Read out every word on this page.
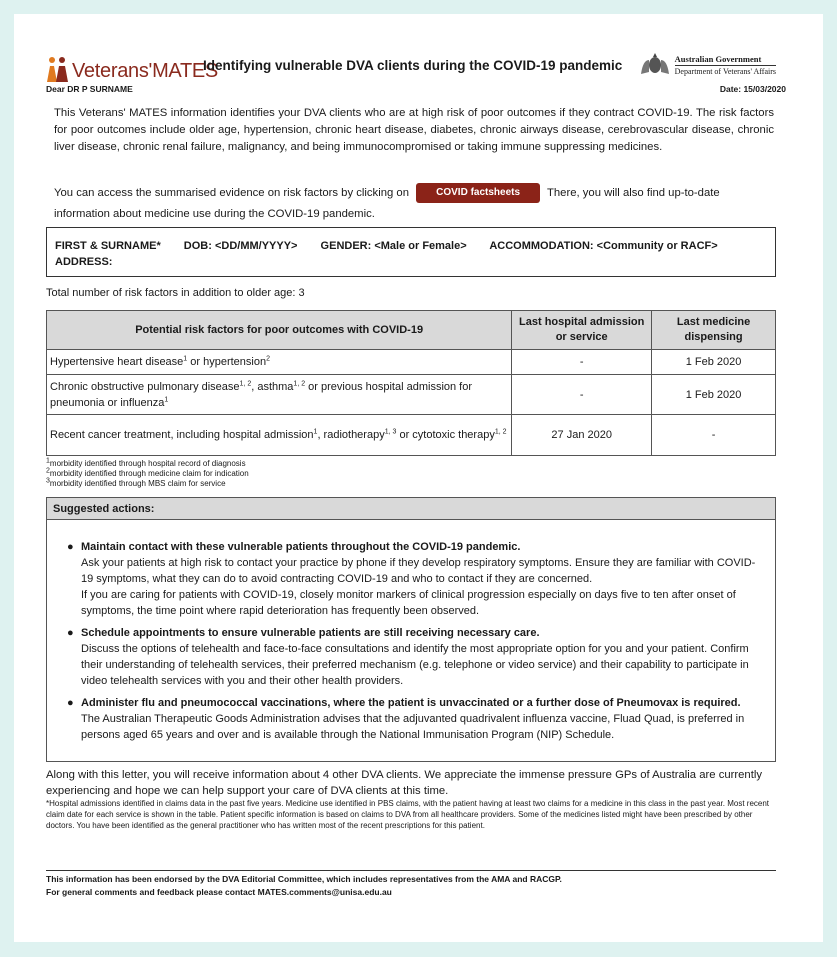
Veterans'MATES
Identifying vulnerable DVA clients during the COVID-19 pandemic	Australian Government
Department of Veterans' Affairs
Dear DR P SURNAME	Date: 15/03/2020

This Veterans' MATES information identifies your DVA clients who are at high risk of poor outcomes if they contract COVID-19. The risk factors for poor outcomes include older age, hypertension, chronic heart disease, diabetes, chronic airways disease, cerebrovascular disease, chronic liver disease, chronic renal failure, malignancy, and being immunocompromised or taking immune suppressing medicines.

You can access the summarised evidence on risk factors by clicking on	COVID factsheets There, you will also find up-to-date information about medicine use during the COVID-19 pandemic.

FIRST & SURNAME* DOB: <DD/MM/YYYY> GENDER: <Male or Female> ACCOMMODATION: <Community or RACF>
ADDRESS:
Total number of risk factors in addition to older age: 3
Potential risk factors for poor outcomes with COVID-19	Last hospital admission or service	Last medicine dispensing
Hypertensive heart disease$^1$ or hypertension$^2$	-	1 Feb 2020
Chronic obstructive pulmonary disease$^{1, 2}$, asthma$^{1, 2}$ or previous hospital admission for pneumonia or influenza$^1$	-	1 Feb 2020
Recent cancer treatment, including hospital admission$^1$, radiotherapy$^{1, 3}$ or cytotoxic therapy$^{1, 2}$	27 Jan 2020	-
$^1$morbidity identified through hospital record of diagnosis
$^2$morbidity identified through medicine claim for indication
$^3$morbidity identified through MBS claim for service
Suggested actions:
● Maintain contact with these vulnerable patients throughout the COVID-19 pandemic.
Ask your patients at high risk to contact your practice by phone if they develop respiratory symptoms. Ensure they are familiar with COVID-19 symptoms, what they can do to avoid contracting COVID-19 and who to contact if they are concerned.
If you are caring for patients with COVID-19, closely monitor markers of clinical progression especially on days five to ten after onset of symptoms, the time point where rapid deterioration has frequently been observed.
● Schedule appointments to ensure vulnerable patients are still receiving necessary care.
Discuss the options of telehealth and face-to-face consultations and identify the most appropriate option for you and your patient. Confirm their understanding of telehealth services, their preferred mechanism (e.g. telephone or video service) and their capability to participate in video telehealth services with you and their other health providers.
● Administer flu and pneumococcal vaccinations, where the patient is unvaccinated or a further dose of Pneumovax is required.
The Australian Therapeutic Goods Administration advises that the adjuvanted quadrivalent influenza vaccine, Fluad Quad, is preferred in persons aged 65 years and over and is available through the National Immunisation Program (NIP) Schedule.

Along with this letter, you will receive information about 4 other DVA clients. We appreciate the immense pressure GPs of Australia are currently experiencing and hope we can help support your care of DVA clients at this time.

*Hospital admissions identified in claims data in the past five years. Medicine use identified in PBS claims, with the patient having at least two claims for a medicine in this class in the past year. Most recent claim date for each service is shown in the table. Patient specific information is based on claims to DVA from all healthcare providers. Some of the medicines listed might have been prescribed by other doctors. You have been identified as the general practitioner who has written most of the recent prescriptions for this patient.

This information has been endorsed by the DVA Editorial Committee, which includes representatives from the AMA and RACGP.
For general comments and feedback please contact MATES.comments@unisa.edu.au
